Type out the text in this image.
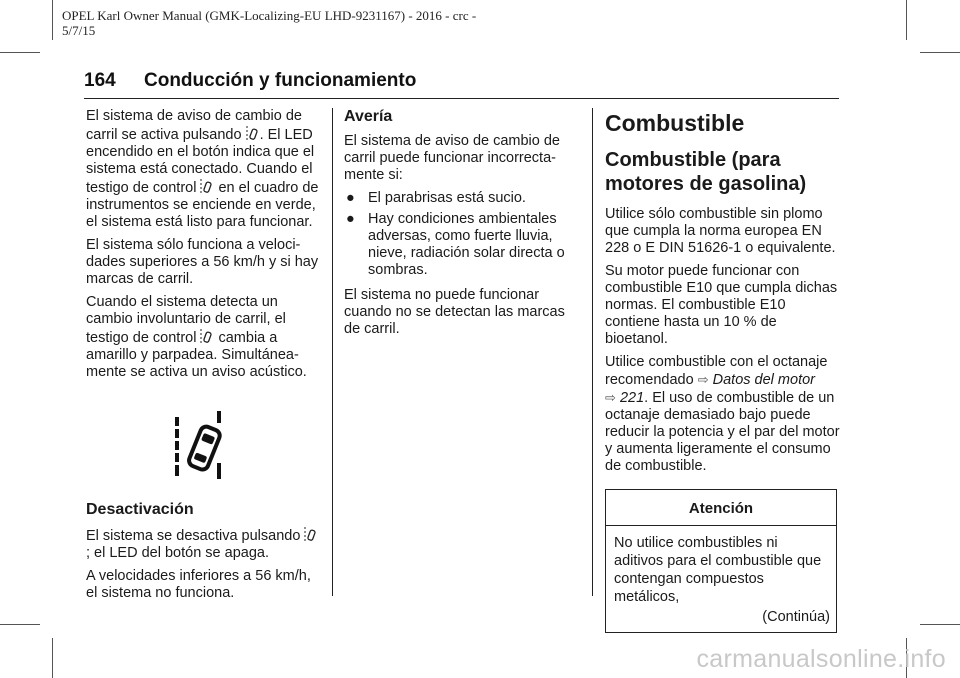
OPEL Karl Owner Manual (GMK-Localizing-EU LHD-9231167) - 2016 - crc -
5/7/15
164 Conducción y funcionamiento

El sistema de aviso de cambio de carril se activa pulsando . El LED encendido en el botón indica que el sistema está conectado. Cuando el testigo de control  en el cuadro de instrumentos se enciende en verde, el sistema está listo para funcionar.

El sistema sólo funciona a veloci-dades superiores a 56 km/h y si hay marcas de carril.

Cuando el sistema detecta un cambio involuntario de carril, el testigo de control  cambia a amarillo y parpadea. Simultánea-mente se activa un aviso acústico.

Desactivación

El sistema se desactiva pulsando ; el LED del botón se apaga.

A velocidades inferiores a 56 km/h, el sistema no funciona.

Avería

El sistema de aviso de cambio de carril puede funcionar incorrecta-mente si:

● El parabrisas está sucio.
● Hay condiciones ambientales adversas, como fuerte lluvia, nieve, radiación solar directa o sombras.

El sistema no puede funcionar cuando no se detectan las marcas de carril.

Combustible
Combustible (para motores de gasolina)

Utilice sólo combustible sin plomo que cumpla la norma europea EN 228 o E DIN 51626-1 o equivalente.

Su motor puede funcionar con combustible E10 que cumpla dichas normas. El combustible E10 contiene hasta un 10 % de bioetanol.

Utilice combustible con el octanaje recomendado ⇨ Datos del motor
⇨ 221. El uso de combustible de un octanaje demasiado bajo puede reducir la potencia y el par del motor y aumenta ligeramente el consumo de combustible.

Atención
No utilice combustibles ni aditivos para el combustible que contengan compuestos metálicos,
(Continúa)
carmanualsonline.info
